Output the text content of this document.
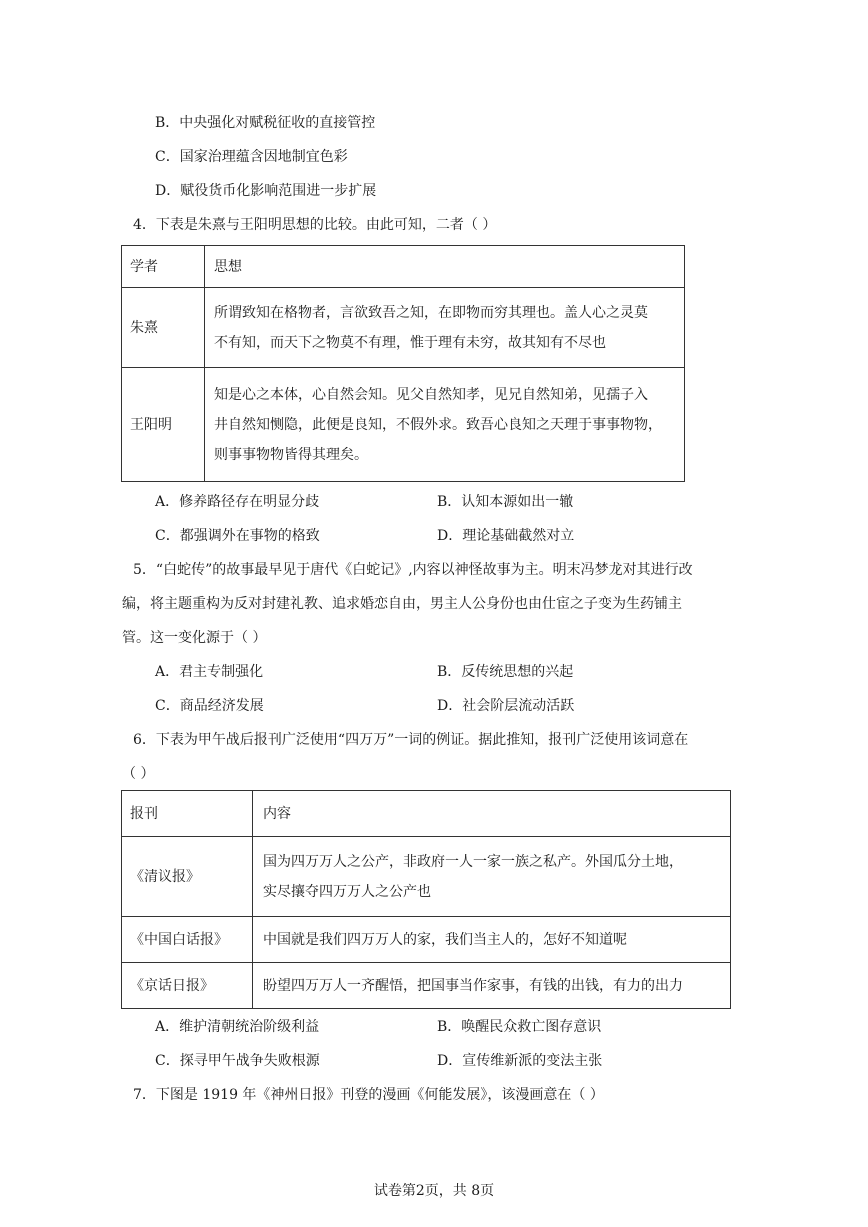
B．中央强化对赋税征收的直接管控
C．国家治理蕴含因地制宜色彩
D．赋役货币化影响范围进一步扩展
4．下表是朱熹与王阳明思想的比较。由此可知，二者（ ）
学者	思想
朱熹	所谓致知在格物者，言欲致吾之知，在即物而穷其理也。盖人心之灵莫
不有知，而天下之物莫不有理，惟于理有未穷，故其知有不尽也

王阳明	知是心之本体，心自然会知。见父自然知孝，见兄自然知弟，见孺子入
井自然知恻隐，此便是良知，不假外求。致吾心良知之天理于事事物物，
则事事物物皆得其理矣。
A．修养路径存在明显分歧	B．认知本源如出一辙
C．都强调外在事物的格致	D．理论基础截然对立
5．“白蛇传”的故事最早见于唐代《白蛇记》,内容以神怪故事为主。明末冯梦龙对其进行改
编，将主题重构为反对封建礼教、追求婚恋自由，男主人公身份也由仕宦之子变为生药铺主
管。这一变化源于（ ）
A．君主专制强化	B．反传统思想的兴起
C．商品经济发展	D．社会阶层流动活跃
6．下表为甲午战后报刊广泛使用“四万万”一词的例证。据此推知，报刊广泛使用该词意在
（ ）
报刊	内容
《清议报》	国为四万万人之公产，非政府一人一家一族之私产。外国瓜分土地，
实尽攘夺四万万人之公产也

《中国白话报》	中国就是我们四万万人的家，我们当主人的，怎好不知道呢
《京话日报》	盼望四万万人一齐醒悟，把国事当作家事，有钱的出钱，有力的出力
A．维护清朝统治阶级利益	B．唤醒民众救亡图存意识
C．探寻甲午战争失败根源	D．宣传维新派的变法主张
7．下图是 1919 年《神州日报》刊登的漫画《何能发展》，该漫画意在（ ）
试卷第2页，共 8页
